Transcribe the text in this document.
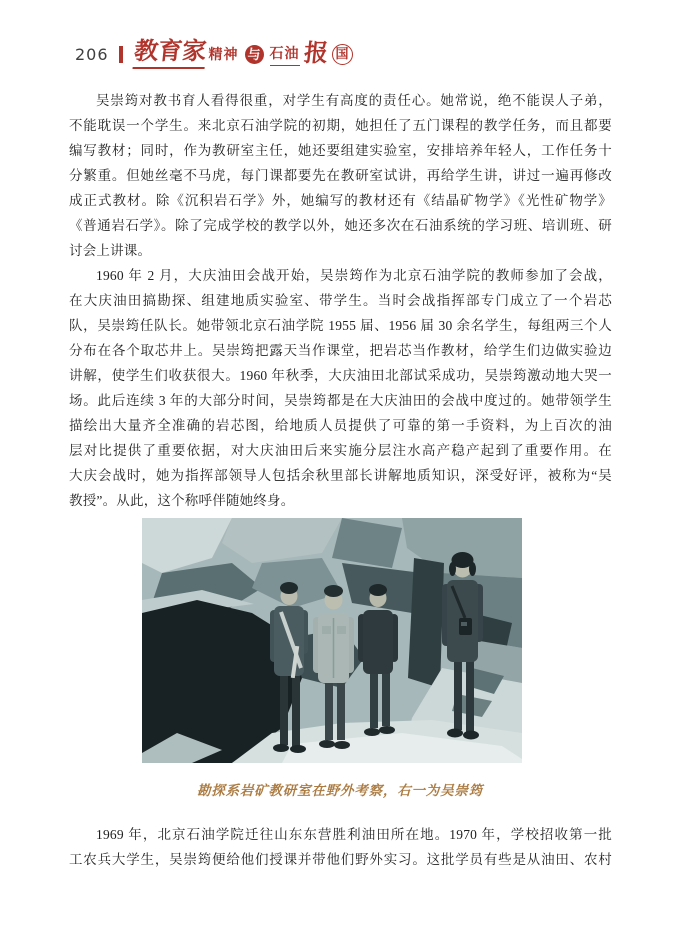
206 教育家 精神 与 石油 报 国
吴崇筠对教书育人看得很重，对学生有高度的责任心。她常说，绝不能误人子弟，
不能耽误一个学生。来北京石油学院的初期，她担任了五门课程的教学任务，而且都要
编写教材；同时，作为教研室主任，她还要组建实验室，安排培养年轻人，工作任务十
分繁重。但她丝毫不马虎，每门课都要先在教研室试讲，再给学生讲，讲过一遍再修改
成正式教材。除《沉积岩石学》外，她编写的教材还有《结晶矿物学》《光性矿物学》
《普通岩石学》。除了完成学校的教学以外，她还多次在石油系统的学习班、培训班、研
讨会上讲课。
1960 年 2 月，大庆油田会战开始，吴崇筠作为北京石油学院的教师参加了会战，
在大庆油田搞勘探、组建地质实验室、带学生。当时会战指挥部专门成立了一个岩芯
队，吴崇筠任队长。她带领北京石油学院 1955 届、1956 届 30 余名学生，每组两三个人
分布在各个取芯井上。吴崇筠把露天当作课堂，把岩芯当作教材，给学生们边做实验边
讲解，使学生们收获很大。1960 年秋季，大庆油田北部试采成功，吴崇筠激动地大哭一
场。此后连续 3 年的大部分时间，吴崇筠都是在大庆油田的会战中度过的。她带领学生
描绘出大量齐全准确的岩芯图，给地质人员提供了可靠的第一手资料，为上百次的油
层对比提供了重要依据，对大庆油田后来实施分层注水高产稳产起到了重要作用。在
大庆会战时，她为指挥部领导人包括余秋里部长讲解地质知识，深受好评，被称为“吴
教授”。从此，这个称呼伴随她终身。
勘探系岩矿教研室在野外考察，右一为吴崇筠
1969 年，北京石油学院迁往山东东营胜利油田所在地。1970 年，学校招收第一批
工农兵大学生，吴崇筠便给他们授课并带他们野外实习。这批学员有些是从油田、农村
